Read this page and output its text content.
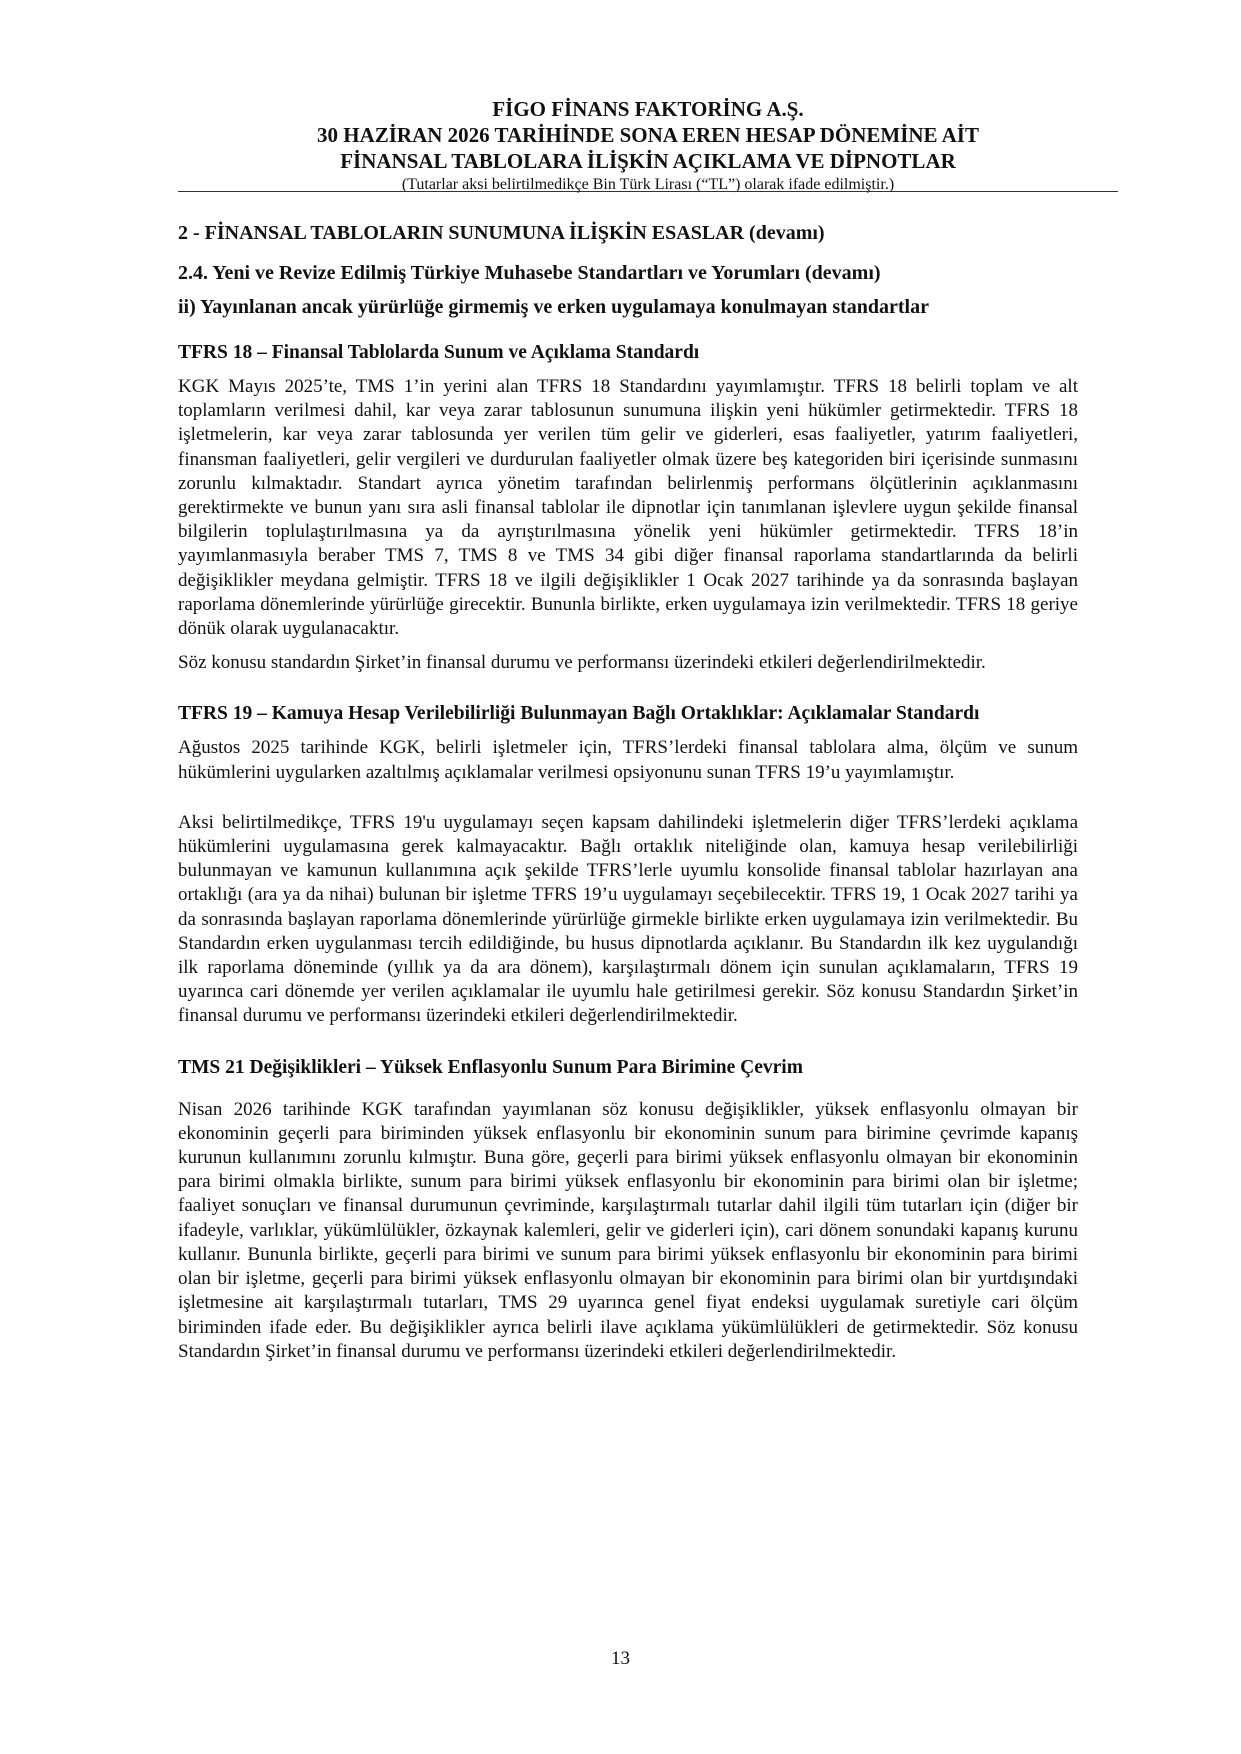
FİGO FİNANS FAKTORİNG A.Ş.
30 HAZİRAN 2026 TARİHİNDE SONA EREN HESAP DÖNEMİNE AİT
FİNANSAL TABLOLARA İLİŞKİN AÇIKLAMA VE DİPNOTLAR
(Tutarlar aksi belirtilmedikçe Bin Türk Lirası (“TL”) olarak ifade edilmiştir.)
2 - FİNANSAL TABLOLARIN SUNUMUNA İLİŞKİN ESASLAR (devamı)
2.4. Yeni ve Revize Edilmiş Türkiye Muhasebe Standartları ve Yorumları (devamı)
ii) Yayınlanan ancak yürürlüğe girmemiş ve erken uygulamaya konulmayan standartlar
TFRS 18 – Finansal Tablolarda Sunum ve Açıklama Standardı

KGK Mayıs 2025’te, TMS 1’in yerini alan TFRS 18 Standardını yayımlamıştır. TFRS 18 belirli toplam ve alt toplamların verilmesi dahil, kar veya zarar tablosunun sunumuna ilişkin yeni hükümler getirmektedir. TFRS 18 işletmelerin, kar veya zarar tablosunda yer verilen tüm gelir ve giderleri, esas faaliyetler, yatırım faaliyetleri, finansman faaliyetleri, gelir vergileri ve durdurulan faaliyetler olmak üzere beş kategoriden biri içerisinde sunmasını zorunlu kılmaktadır. Standart ayrıca yönetim tarafından belirlenmiş performans ölçütlerinin açıklanmasını gerektirmekte ve bunun yanı sıra asli finansal tablolar ile dipnotlar için tanımlanan işlevlere uygun şekilde finansal bilgilerin toplulaştırılmasına ya da ayrıştırılmasına yönelik yeni hükümler getirmektedir. TFRS 18’in yayımlanmasıyla beraber TMS 7, TMS 8 ve TMS 34 gibi diğer finansal raporlama standartlarında da belirli değişiklikler meydana gelmiştir. TFRS 18 ve ilgili değişiklikler 1 Ocak 2027 tarihinde ya da sonrasında başlayan raporlama dönemlerinde yürürlüğe girecektir. Bununla birlikte, erken uygulamaya izin verilmektedir. TFRS 18 geriye dönük olarak uygulanacaktır.

Söz konusu standardın Şirket’in finansal durumu ve performansı üzerindeki etkileri değerlendirilmektedir.

TFRS 19 – Kamuya Hesap Verilebilirliği Bulunmayan Bağlı Ortaklıklar: Açıklamalar Standardı

Ağustos 2025 tarihinde KGK, belirli işletmeler için, TFRS’lerdeki finansal tablolara alma, ölçüm ve sunum hükümlerini uygularken azaltılmış açıklamalar verilmesi opsiyonunu sunan TFRS 19’u yayımlamıştır.

Aksi belirtilmedikçe, TFRS 19'u uygulamayı seçen kapsam dahilindeki işletmelerin diğer TFRS’lerdeki açıklama hükümlerini uygulamasına gerek kalmayacaktır. Bağlı ortaklık niteliğinde olan, kamuya hesap verilebilirliği bulunmayan ve kamunun kullanımına açık şekilde TFRS’lerle uyumlu konsolide finansal tablolar hazırlayan ana ortaklığı (ara ya da nihai) bulunan bir işletme TFRS 19’u uygulamayı seçebilecektir. TFRS 19, 1 Ocak 2027 tarihi ya da sonrasında başlayan raporlama dönemlerinde yürürlüğe girmekle birlikte erken uygulamaya izin verilmektedir. Bu Standardın erken uygulanması tercih edildiğinde, bu husus dipnotlarda açıklanır. Bu Standardın ilk kez uygulandığı ilk raporlama döneminde (yıllık ya da ara dönem), karşılaştırmalı dönem için sunulan açıklamaların, TFRS 19 uyarınca cari dönemde yer verilen açıklamalar ile uyumlu hale getirilmesi gerekir. Söz konusu Standardın Şirket’in finansal durumu ve performansı üzerindeki etkileri değerlendirilmektedir.

TMS 21 Değişiklikleri – Yüksek Enflasyonlu Sunum Para Birimine Çevrim

Nisan 2026 tarihinde KGK tarafından yayımlanan söz konusu değişiklikler, yüksek enflasyonlu olmayan bir ekonominin geçerli para biriminden yüksek enflasyonlu bir ekonominin sunum para birimine çevrimde kapanış kurunun kullanımını zorunlu kılmıştır. Buna göre, geçerli para birimi yüksek enflasyonlu olmayan bir ekonominin para birimi olmakla birlikte, sunum para birimi yüksek enflasyonlu bir ekonominin para birimi olan bir işletme; faaliyet sonuçları ve finansal durumunun çevriminde, karşılaştırmalı tutarlar dahil ilgili tüm tutarları için (diğer bir ifadeyle, varlıklar, yükümlülükler, özkaynak kalemleri, gelir ve giderleri için), cari dönem sonundaki kapanış kurunu kullanır. Bununla birlikte, geçerli para birimi ve sunum para birimi yüksek enflasyonlu bir ekonominin para birimi olan bir işletme, geçerli para birimi yüksek enflasyonlu olmayan bir ekonominin para birimi olan bir yurtdışındaki işletmesine ait karşılaştırmalı tutarları, TMS 29 uyarınca genel fiyat endeksi uygulamak suretiyle cari ölçüm biriminden ifade eder. Bu değişiklikler ayrıca belirli ilave açıklama yükümlülükleri de getirmektedir. Söz konusu Standardın Şirket’in finansal durumu ve performansı üzerindeki etkileri değerlendirilmektedir.

13
